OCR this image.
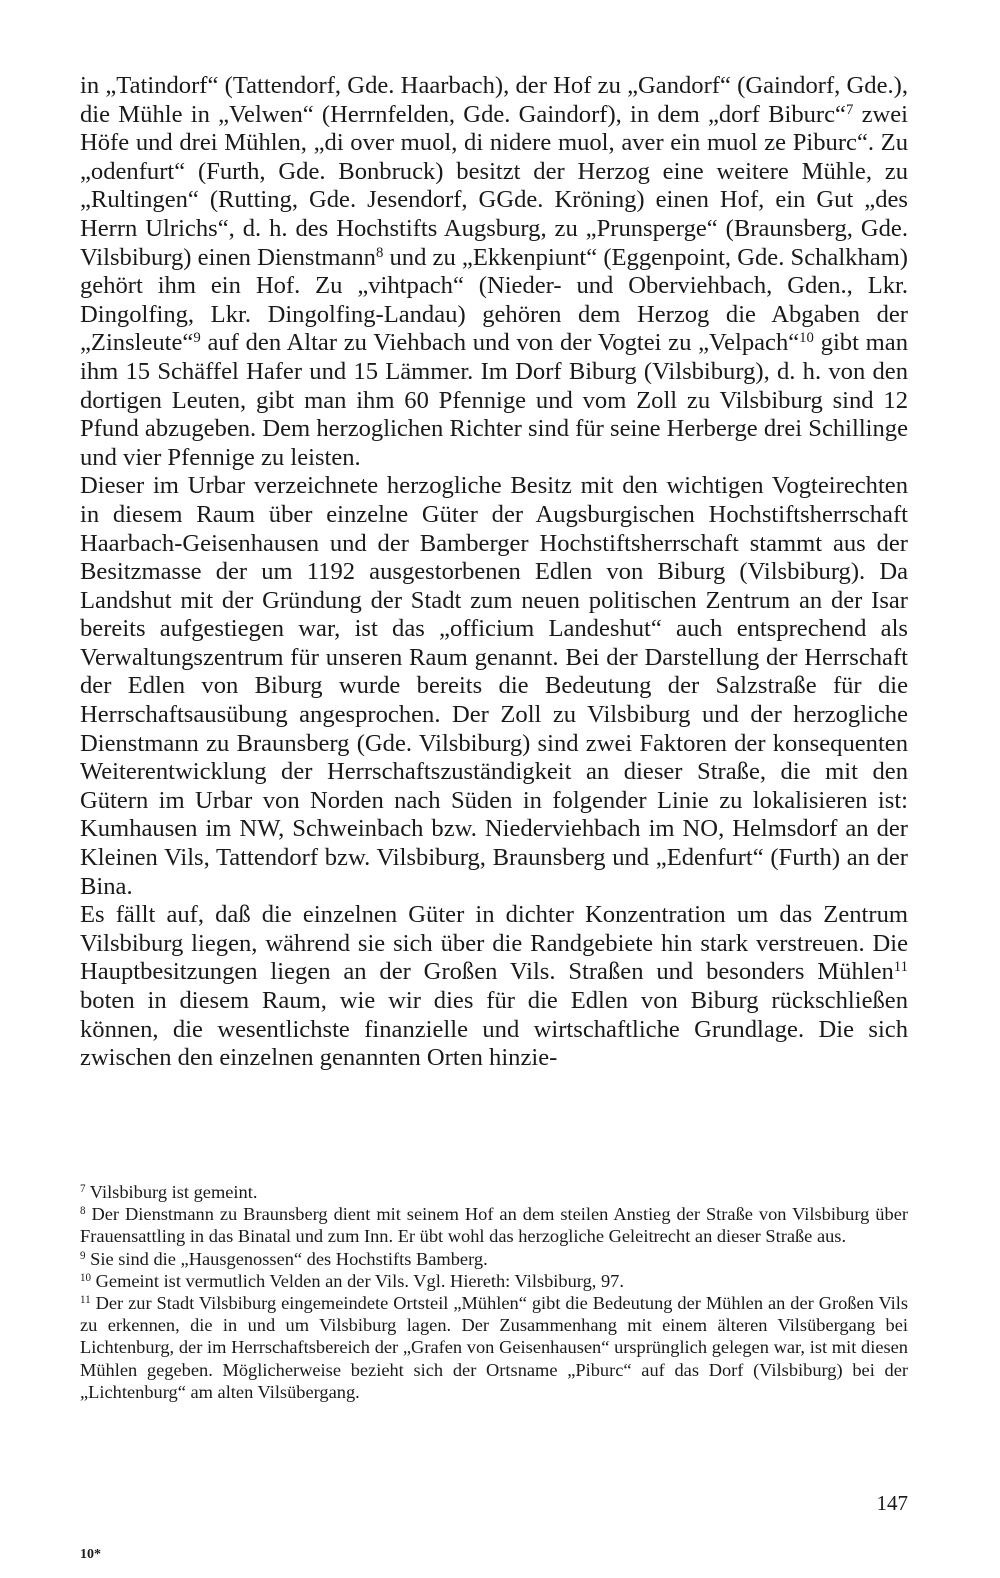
in „Tatindorf“ (Tattendorf, Gde. Haarbach), der Hof zu „Gandorf“ (Gaindorf, Gde.), die Mühle in „Velwen“ (Herrnfelden, Gde. Gaindorf), in dem „dorf Biburc“$^7$ zwei Höfe und drei Mühlen, „di over muol, di nidere muol, aver ein muol ze Piburc“. Zu „odenfurt“ (Furth, Gde. Bonbruck) besitzt der Herzog eine weitere Mühle, zu „Rultingen“ (Rutting, Gde. Jesendorf, GGde. Kröning) einen Hof, ein Gut „des Herrn Ulrichs“, d. h. des Hochstifts Augsburg, zu „Prunsperge“ (Braunsberg, Gde. Vilsbiburg) einen Dienstmann$^8$ und zu „Ekkenpiunt“ (Eggenpoint, Gde. Schalkham) gehört ihm ein Hof. Zu „vihtpach“ (Nieder- und Oberviehbach, Gden., Lkr. Dingolfing, Lkr. Dingolfing-Landau) gehören dem Herzog die Abgaben der „Zinsleute“$^9$ auf den Altar zu Viehbach und von der Vogtei zu „Velpach“$^{10}$ gibt man ihm 15 Schäffel Hafer und 15 Lämmer. Im Dorf Biburg (Vilsbiburg), d. h. von den dortigen Leuten, gibt man ihm 60 Pfennige und vom Zoll zu Vilsbiburg sind 12 Pfund abzugeben. Dem herzoglichen Richter sind für seine Herberge drei Schillinge und vier Pfennige zu leisten.

Dieser im Urbar verzeichnete herzogliche Besitz mit den wichtigen Vogteirechten in diesem Raum über einzelne Güter der Augsburgischen Hochstiftsherrschaft Haarbach-Geisenhausen und der Bamberger Hochstiftsherrschaft stammt aus der Besitzmasse der um 1192 ausgestorbenen Edlen von Biburg (Vilsbiburg). Da Landshut mit der Gründung der Stadt zum neuen politischen Zentrum an der Isar bereits aufgestiegen war, ist das „officium Landeshut“ auch entsprechend als Verwaltungszentrum für unseren Raum genannt. Bei der Darstellung der Herrschaft der Edlen von Biburg wurde bereits die Bedeutung der Salzstraße für die Herrschaftsausübung angesprochen. Der Zoll zu Vilsbiburg und der herzogliche Dienstmann zu Braunsberg (Gde. Vilsbiburg) sind zwei Faktoren der konsequenten Weiterentwicklung der Herrschaftszuständigkeit an dieser Straße, die mit den Gütern im Urbar von Norden nach Süden in folgender Linie zu lokalisieren ist: Kumhausen im NW, Schweinbach bzw. Niederviehbach im NO, Helmsdorf an der Kleinen Vils, Tattendorf bzw. Vilsbiburg, Braunsberg und „Edenfurt“ (Furth) an der Bina.

Es fällt auf, daß die einzelnen Güter in dichter Konzentration um das Zentrum Vilsbiburg liegen, während sie sich über die Randgebiete hin stark verstreuen. Die Hauptbesitzungen liegen an der Großen Vils. Straßen und besonders Mühlen$^{11}$ boten in diesem Raum, wie wir dies für die Edlen von Biburg rückschließen können, die wesentlichste finanzielle und wirtschaftliche Grundlage. Die sich zwischen den einzelnen genannten Orten hinzie-

$^7$ Vilsbiburg ist gemeint.

$^8$ Der Dienstmann zu Braunsberg dient mit seinem Hof an dem steilen Anstieg der Straße von Vilsbiburg über Frauensattling in das Binatal und zum Inn. Er übt wohl das herzogliche Geleitrecht an dieser Straße aus.

$^9$ Sie sind die „Hausgenossen“ des Hochstifts Bamberg.

$^{10}$ Gemeint ist vermutlich Velden an der Vils. Vgl. Hiereth: Vilsbiburg, 97.

$^{11}$ Der zur Stadt Vilsbiburg eingemeindete Ortsteil „Mühlen“ gibt die Bedeutung der Mühlen an der Großen Vils zu erkennen, die in und um Vilsbiburg lagen. Der Zusammenhang mit einem älteren Vilsübergang bei Lichtenburg, der im Herrschaftsbereich der „Grafen von Geisenhausen“ ursprünglich gelegen war, ist mit diesen Mühlen gegeben. Möglicherweise bezieht sich der Ortsname „Piburc“ auf das Dorf (Vilsbiburg) bei der „Lichtenburg“ am alten Vilsübergang.

147
10*
